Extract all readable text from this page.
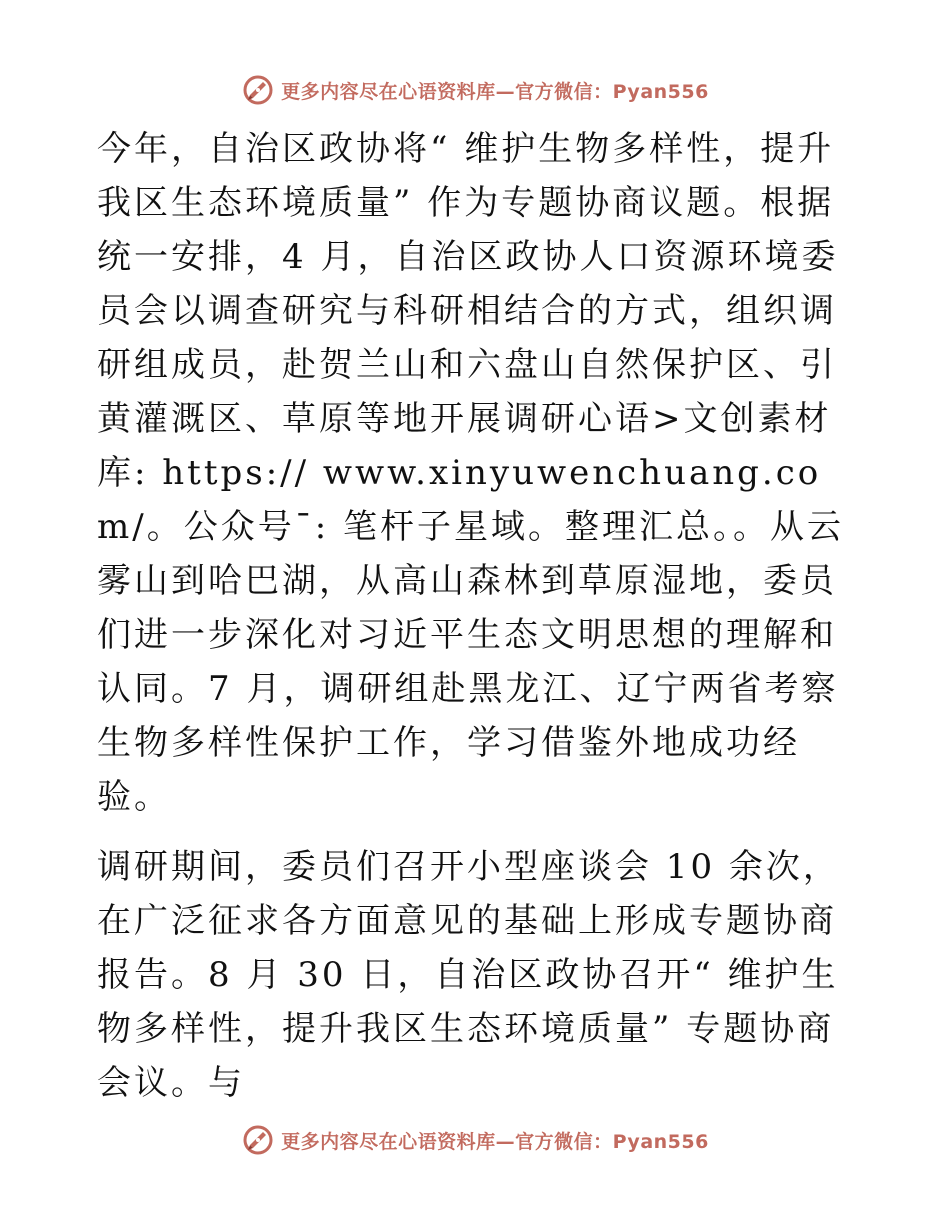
更多内容尽在心语资料库—官方微信：Pyan556

今年，自治区政协将“ 维护生物多样性，提升我区生态环境质量” 作为专题协商议题。根据统一安排，4 月，自治区政协人口资源环境委员会以调查研究与科研相结合的方式，组织调研组成员，赴贺兰山和六盘山自然保护区、引黄灌溉区、草原等地开展调研心语>文创素材库: https:// www.xinyuwenchuang.com/。公众号¯: 笔杆子星域。整理汇总。。从云雾山到哈巴湖，从高山森林到草原湿地，委员们进一步深化对习近平生态文明思想的理解和认同。7 月，调研组赴黑龙江、辽宁两省考察生物多样性保护工作，学习借鉴外地成功经验。

调研期间，委员们召开小型座谈会 10 余次，在广泛征求各方面意见的基础上形成专题协商报告。8 月 30 日，自治区政协召开“ 维护生物多样性，提升我区生态环境质量” 专题协商会议。与

更多内容尽在心语资料库—官方微信：Pyan556
